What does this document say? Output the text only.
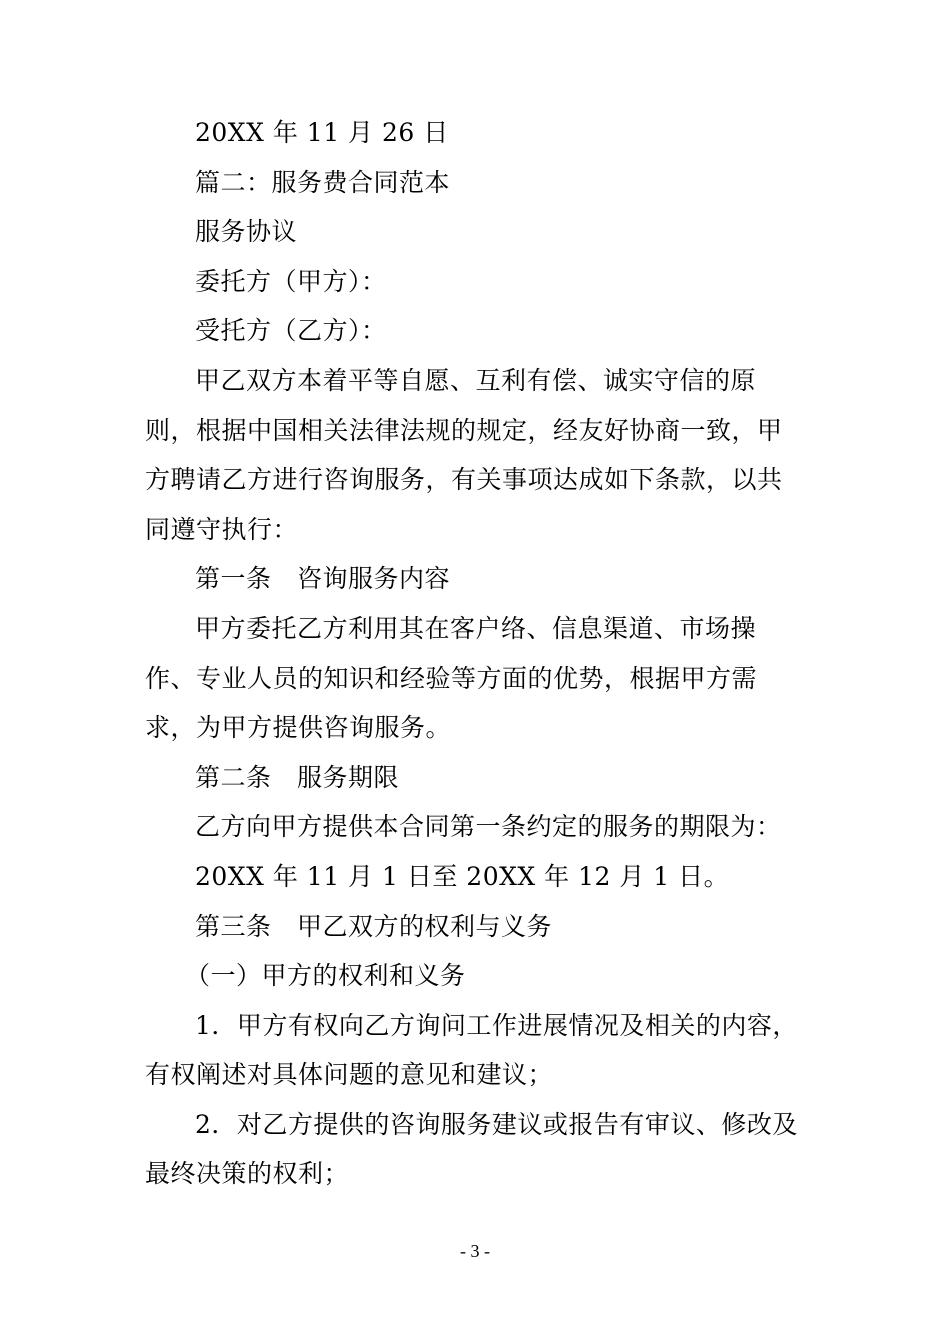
20XX 年 11 月 26 日

篇二：服务费合同范本

服务协议

委托方（甲方）：

受托方（乙方）：

甲乙双方本着平等自愿、互利有偿、诚实守信的原则，根据中国相关法律法规的规定，经友好协商一致，甲方聘请乙方进行咨询服务，有关事项达成如下条款，以共同遵守执行：

第一条　咨询服务内容

甲方委托乙方利用其在客户络、信息渠道、市场操作、专业人员的知识和经验等方面的优势，根据甲方需求，为甲方提供咨询服务。

第二条　服务期限

乙方向甲方提供本合同第一条约定的服务的期限为：

20XX 年 11 月 1 日至 20XX 年 12 月 1 日。

第三条　甲乙双方的权利与义务

（一）甲方的权利和义务

1．甲方有权向乙方询问工作进展情况及相关的内容，有权阐述对具体问题的意见和建议；

2．对乙方提供的咨询服务建议或报告有审议、修改及最终决策的权利；

- 3 -
